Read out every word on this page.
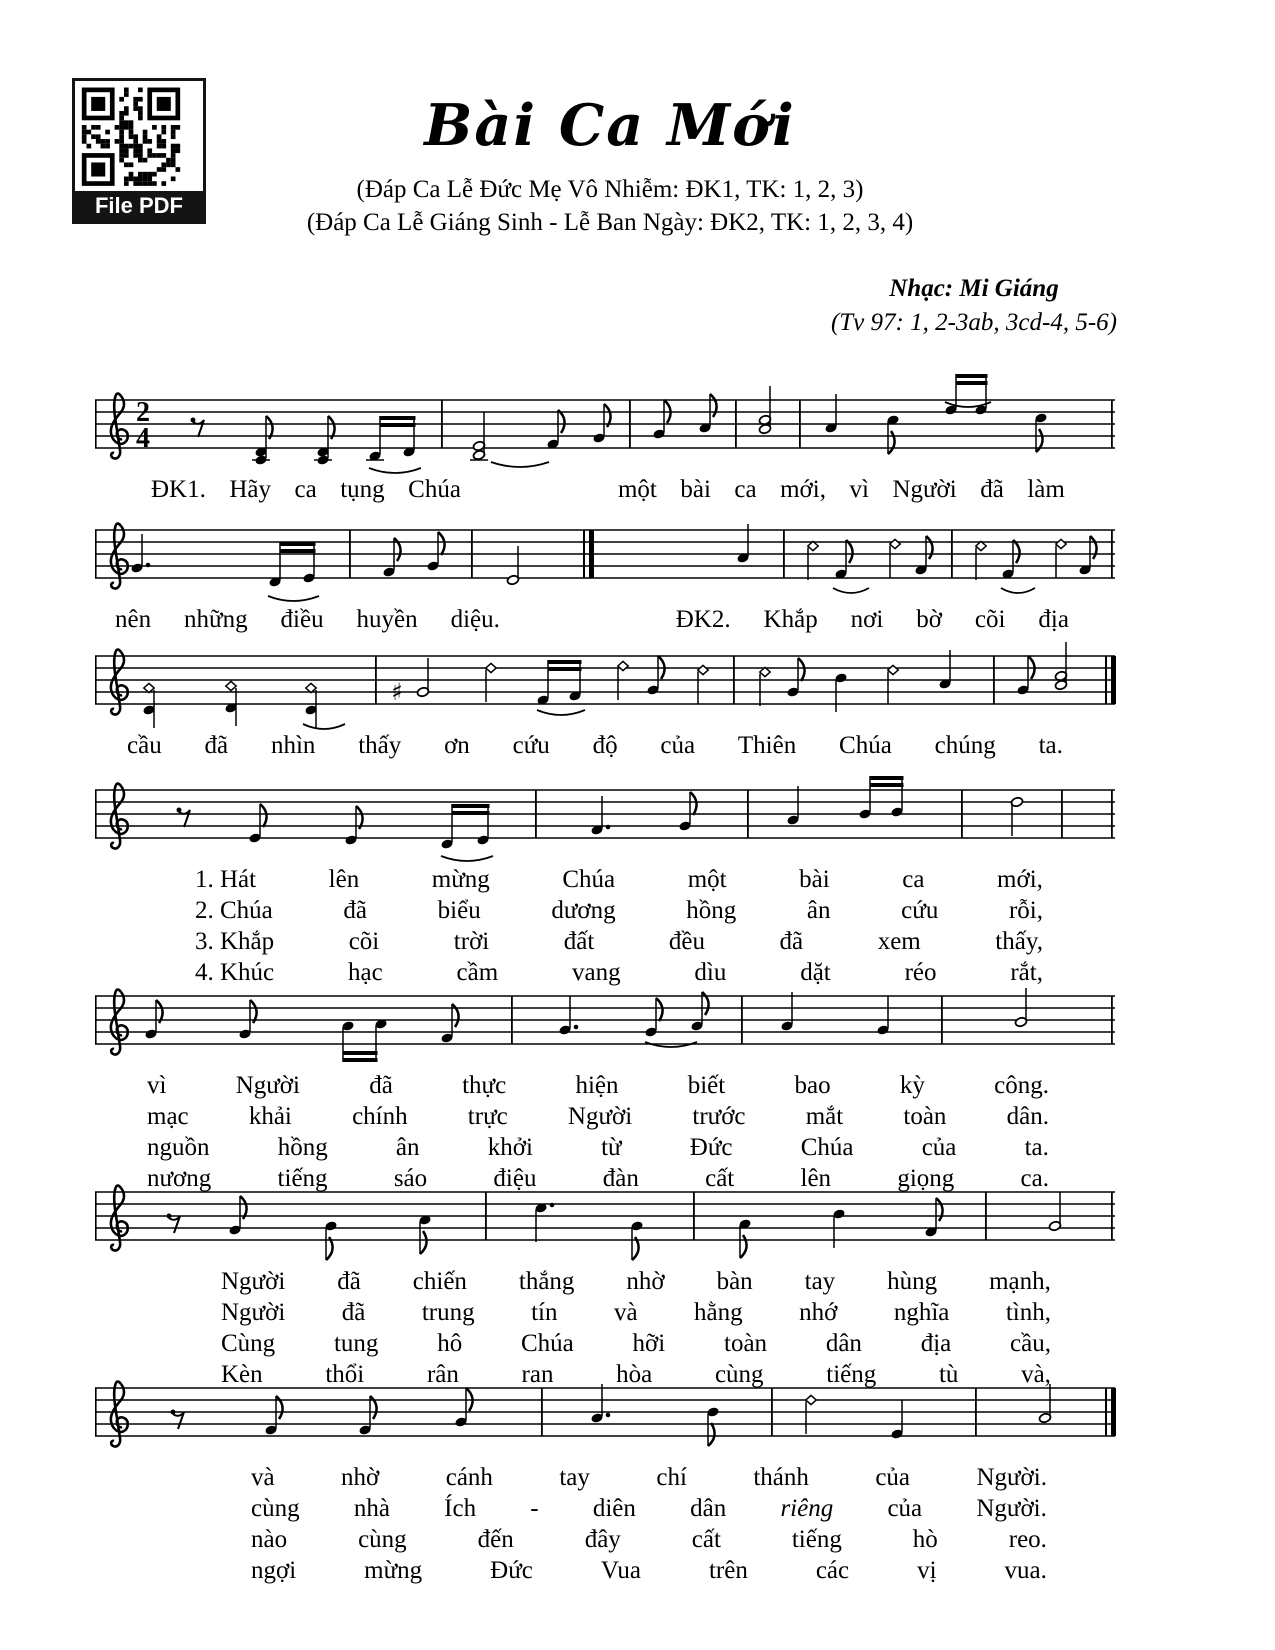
File PDF
Bài Ca Mới
(Đáp Ca Lễ Đức Mẹ Vô Nhiễm: ĐK1, TK: 1, 2, 3)
(Đáp Ca Lễ Giáng Sinh - Lễ Ban Ngày: ĐK2, TK: 1, 2, 3, 4)
Nhạc: Mi Giáng
(Tv 97: 1, 2-3ab, 3cd-4, 5-6)
2
4
ĐK1. Hãy ca tụng Chúa	một bài ca mới, vì Người đã làm
nên những điều huyền diệu.	ĐK2. Khắp nơi bờ cõi địa
♯
cầu đã nhìn thấy ơn cứu độ của Thiên Chúa chúng ta.
1. Hát	lên	mừng	Chúa	một	bài	ca	mới,
2. Chúa	đã	biểu	dương	hồng	ân	cứu	rỗi,
3. Khắp	cõi	trời	đất	đều	đã	xem	thấy,
4. Khúc	hạc	cầm	vang	dìu	dặt	réo	rắt,
vì	Người	đã	thực	hiện	biết	bao	kỳ	công.
mạc khải chính trực Người trước mắt toàn dân.
nguồn	hồng	ân	khởi	từ	Đức	Chúa	của	ta.
nương	tiếng	sáo	điệu	đàn	cất	lên	giọng	ca.
Người đã chiến thắng nhờ bàn tay hùng mạnh,
Người đã trung tín và hằng nhớ nghĩa tình,
Cùng tung hô Chúa hỡi toàn dân địa cầu,
Kèn	thổi	rân	ran	hòa	cùng	tiếng	tù	và,
và	nhờ	cánh	tay	chí	thánh	của	Người.
cùng nhà Ích - diên dân riêng của Người.
nào	cùng	đến	đây	cất	tiếng	hò	reo.
ngợi	mừng	Đức	Vua	trên	các	vị	vua.
